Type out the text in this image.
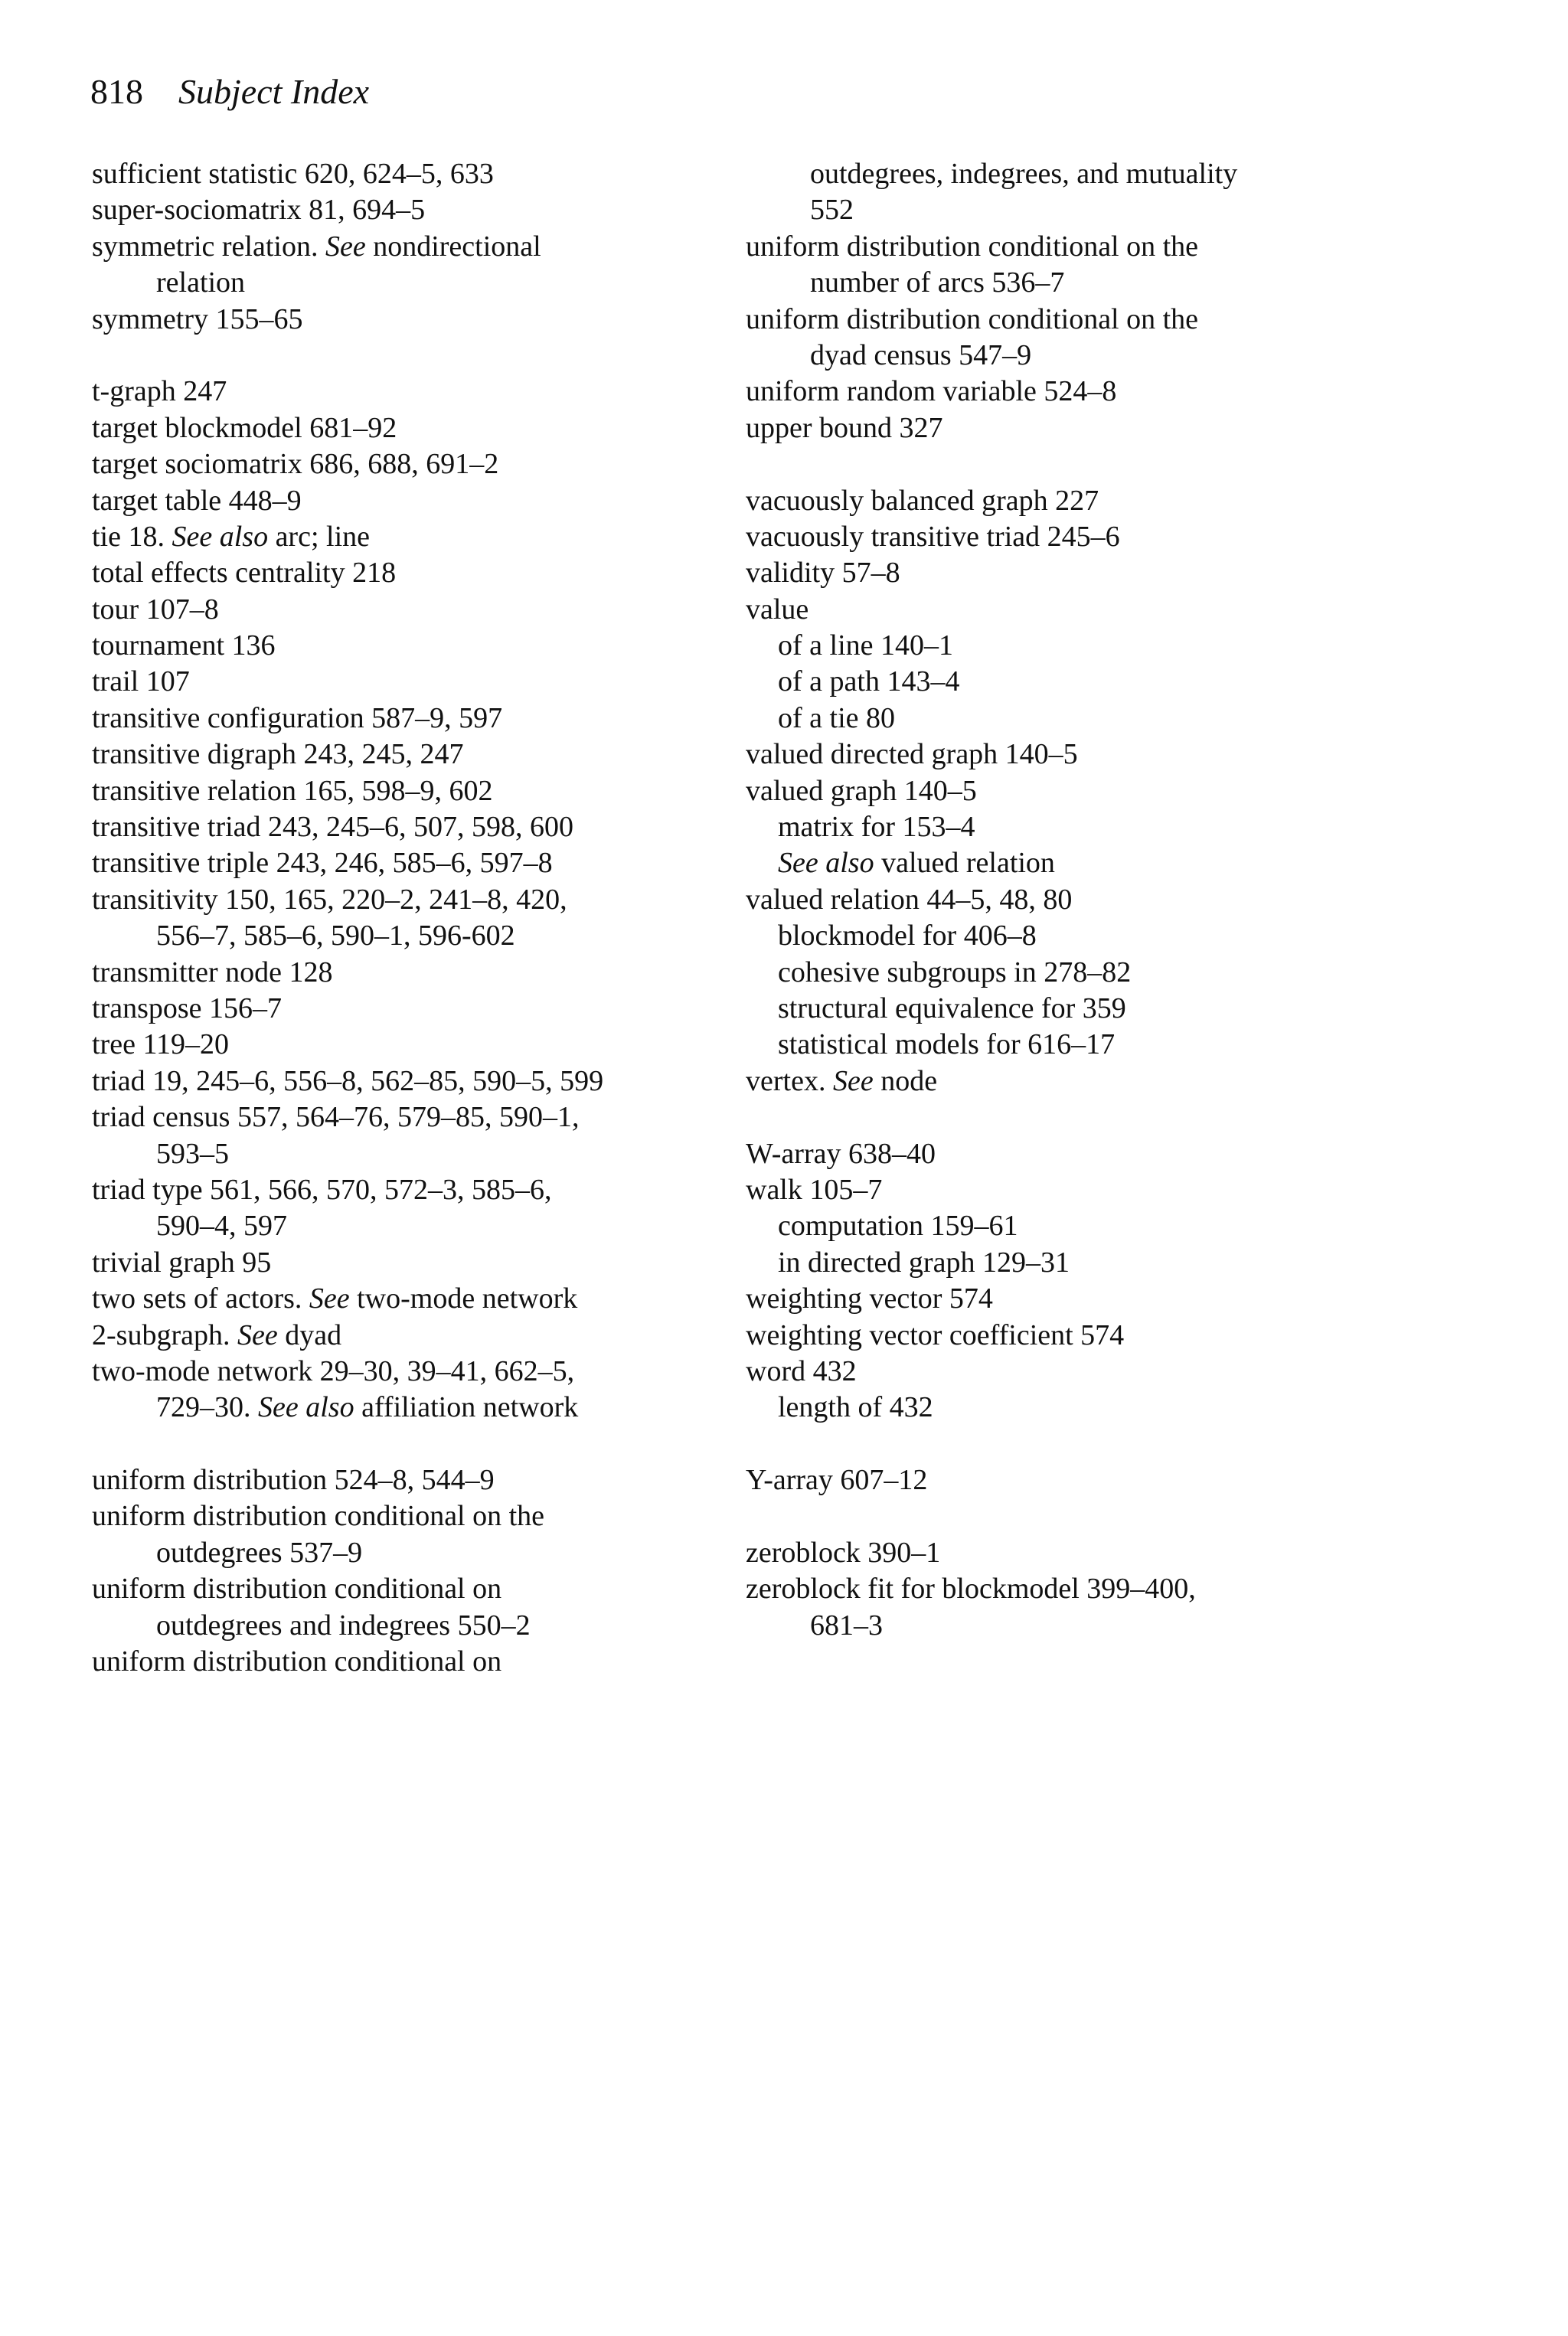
818 Subject Index
sufficient statistic 620, 624–5, 633
super-sociomatrix 81, 694–5
symmetric relation. See nondirectional
relation
symmetry 155–65
t-graph 247
target blockmodel 681–92
target sociomatrix 686, 688, 691–2
target table 448–9
tie 18. See also arc; line
total effects centrality 218
tour 107–8
tournament 136
trail 107
transitive configuration 587–9, 597
transitive digraph 243, 245, 247
transitive relation 165, 598–9, 602
transitive triad 243, 245–6, 507, 598, 600
transitive triple 243, 246, 585–6, 597–8
transitivity 150, 165, 220–2, 241–8, 420,
556–7, 585–6, 590–1, 596-602
transmitter node 128
transpose 156–7
tree 119–20
triad 19, 245–6, 556–8, 562–85, 590–5, 599
triad census 557, 564–76, 579–85, 590–1,
593–5
triad type 561, 566, 570, 572–3, 585–6,
590–4, 597
trivial graph 95
two sets of actors. See two-mode network
2-subgraph. See dyad
two-mode network 29–30, 39–41, 662–5,
729–30. See also affiliation network
uniform distribution 524–8, 544–9
uniform distribution conditional on the
outdegrees 537–9
uniform distribution conditional on
outdegrees and indegrees 550–2
uniform distribution conditional on
outdegrees, indegrees, and mutuality
552
uniform distribution conditional on the
number of arcs 536–7
uniform distribution conditional on the
dyad census 547–9
uniform random variable 524–8
upper bound 327
vacuously balanced graph 227
vacuously transitive triad 245–6
validity 57–8
value
of a line 140–1
of a path 143–4
of a tie 80
valued directed graph 140–5
valued graph 140–5
matrix for 153–4
See also valued relation
valued relation 44–5, 48, 80
blockmodel for 406–8
cohesive subgroups in 278–82
structural equivalence for 359
statistical models for 616–17
vertex. See node
W-array 638–40
walk 105–7
computation 159–61
in directed graph 129–31
weighting vector 574
weighting vector coefficient 574
word 432
length of 432
Y-array 607–12
zeroblock 390–1
zeroblock fit for blockmodel 399–400,
681–3
